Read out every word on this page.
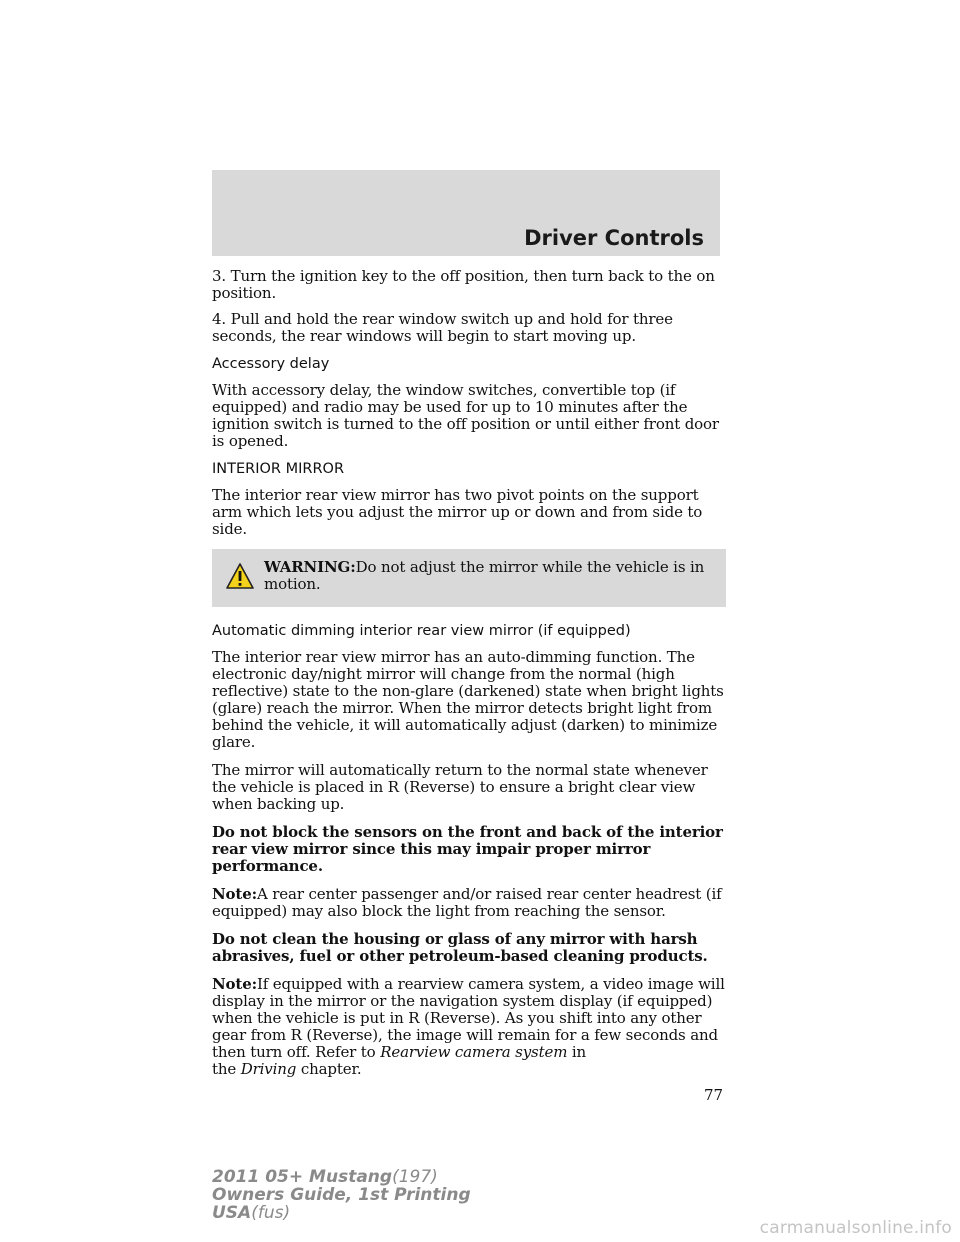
Driver Controls

3. Turn the ignition key to the off position, then turn back to the on position.

4. Pull and hold the rear window switch up and hold for three seconds, the rear windows will begin to start moving up.

Accessory delay

With accessory delay, the window switches, convertible top (if equipped) and radio may be used for up to 10 minutes after the ignition switch is turned to the off position or until either front door is opened.

INTERIOR MIRROR

The interior rear view mirror has two pivot points on the support arm which lets you adjust the mirror up or down and from side to side.

WARNING:Do not adjust the mirror while the vehicle is in motion.
Automatic dimming interior rear view mirror (if equipped)

The interior rear view mirror has an auto-dimming function. The electronic day/night mirror will change from the normal (high reflective) state to the non-glare (darkened) state when bright lights (glare) reach the mirror. When the mirror detects bright light from behind the vehicle, it will automatically adjust (darken) to minimize glare.

The mirror will automatically return to the normal state whenever the vehicle is placed in R (Reverse) to ensure a bright clear view when backing up.

Do not block the sensors on the front and back of the interior rear view mirror since this may impair proper mirror performance.

Note:A rear center passenger and/or raised rear center headrest (if equipped) may also block the light from reaching the sensor.

Do not clean the housing or glass of any mirror with harsh abrasives, fuel or other petroleum-based cleaning products.

Note:If equipped with a rearview camera system, a video image will display in the mirror or the navigation system display (if equipped) when the vehicle is put in R (Reverse). As you shift into any other gear from R (Reverse), the image will remain for a few seconds and then turn off. Refer to Rearview camera system in the Driving chapter.

77
2011 05+ Mustang(197)
Owners Guide, 1st Printing
USA(fus)
carmanualsonline.info
